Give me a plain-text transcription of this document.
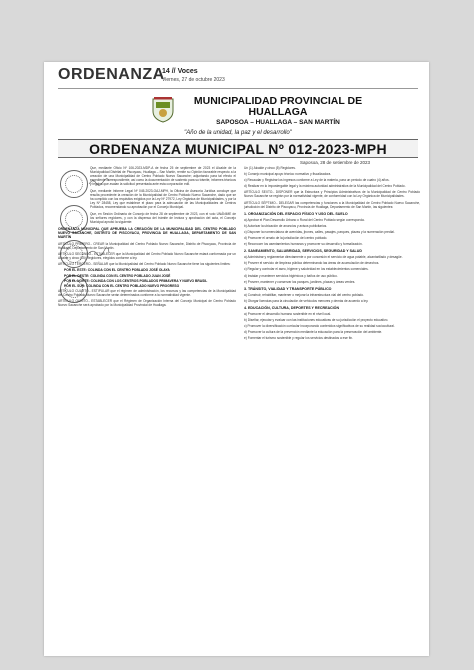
ORDENANZA
14 // Voces
Viernes, 27 de octubre 2023
MUNICIPALIDAD PROVINCIAL DE HUALLAGA
SAPOSOA – HUALLAGA – SAN MARTÍN
"Año de la unidad, la paz y el desarrollo"
ORDENANZA MUNICIPAL Nº 012-2023-MPH
Saposoa, 28 de setiembre de 2023
Que, mediante Oficio Nº 106-2023-MDP-A de fecha 25 de septiembre de 2023 el Alcalde de la Municipalidad Distrital de Piscoyacu, Huallaga – San Martín, remite su Opinión favorable respecto a la creación de una Municipalidad de Centro Poblado Nuevo Sacanche; adjuntando para tal efecto el expediente correspondiente, así como la documentación de sustento para su trámite, informes técnicos y legales que avalan la solicitud presentada ante esta corporación edil.
Que, mediante Informe Legal Nº 045-2023-OAJ-MPH, la Oficina de Asesoría Jurídica concluye que resulta procedente la creación de la Municipalidad de Centro Poblado Nuevo Sacanche, dado que se ha cumplido con los requisitos exigidos por la Ley Nº 27972, Ley Orgánica de Municipalidades, y por la Ley Nº 28458, Ley que establece el plazo para la adecuación de las Municipalidades de Centros Poblados, recomendando su aprobación por el Concejo Municipal.
Que, en Sesión Ordinaria de Concejo de fecha 28 de septiembre de 2023, con el voto UNÁNIME de los señores regidores, y con la dispensa del trámite de lectura y aprobación del acta, el Concejo Municipal aprobó la siguiente:
ORDENANZA MUNICIPAL QUE APRUEBA LA CREACIÓN DE LA MUNICIPALIDAD DEL CENTRO POBLADO NUEVO SACANCHE, DISTRITO DE PISCOYACU, PROVINCIA DE HUALLAGA, DEPARTAMENTO DE SAN MARTÍN
ARTÍCULO PRIMERO.- CREAR la Municipalidad del Centro Poblado Nuevo Sacanche, Distrito de Piscoyacu, Provincia de Huallaga, Departamento de San Martín.
ARTÍCULO SEGUNDO.- ESTABLECER que la Municipalidad del Centro Poblado Nuevo Sacanche estará conformada por un Alcalde y cinco (05) Regidores, elegidos conforme a ley.
ARTÍCULO TERCERO.- SEÑALAR que la Municipalidad del Centro Poblado Nuevo Sacanche tiene los siguientes límites:
POR EL ESTE: COLINDA CON EL CENTRO POBLADO JOSÉ OLAYA
POR EL OESTE: COLINDA CON EL CENTRO POBLADO JUAN JOSÉ
POR EL NORTE: COLINDA CON LOS CENTROS POBLADOS PRIMAVERA Y NUEVO BRASIL
POR EL SUR: COLINDA CON EL CENTRO POBLADO NUEVO PROGRESO
ARTÍCULO CUARTO.- ESTIPULAR que el régimen de administración, los recursos y las competencias de la Municipalidad del Centro Poblado Nuevo Sacanche serán determinados conforme a la normatividad vigente.
ARTÍCULO QUINTO.- ESTABLECER que el Régimen de Organización Interna del Concejo Municipal de Centro Poblado Nuevo Sacanche será aprobado por la Municipalidad Provincial de Huallaga.
Un (1) Alcalde y cinco (5) Regidores.
b) Consejo municipal apoyo técnico normativo y fiscalizadora.
c) Recaudar y Registrar los ingresos conforme a Ley de la materia, para un periodo de cuatro (4) años.
d) Realizar en lo impostergable legal y la máxima autoridad administrativa de la Municipalidad del Centro Poblado.
ARTÍCULO SEXTO.- DISPONER que la Estructura y Principios Administrativos de la Municipalidad de Centro Poblado Nuevo Sacanche se regirán por la normatividad vigente, de conformidad con la Ley Orgánica de Municipalidades.
ARTÍCULO SÉPTIMO.- DELEGAR las competencias y funciones a la Municipalidad de Centro Poblado Nuevo Sacanche, jurisdicción del Distrito de Piscoyacu, Provincia de Huallaga, Departamento de San Martín, las siguientes:
1. ORGANIZACIÓN DEL ESPACIO FÍSICO Y USO DEL SUELO
a) Aprobar el Plan Desarrollo Urbano o Rural del Centro Poblado según corresponda.
b) Autorizar la ubicación de anuncios y avisos publicitarios.
c) Disponer la nomenclatura de avenidas, jirones, calles, pasajes, parques, plazas y la numeración predial.
d) Promover el ornato de la jurisdicción del centro poblado.
e) Reconocer los asentamientos humanos y promover su desarrollo y formalización.
2. SANEAMIENTO, SALUBRIDAD, SERVICIOS, SEGURIDAD Y SALUD
a) Administrar y reglamentar directamente o por concesión el servicio de agua potable, alcantarillado y desagüe.
b) Proveer el servicio de limpieza pública determinando las áreas de acumulación de desechos.
c) Regular y controlar el aseo, higiene y salubridad en los establecimientos comerciales.
d) Instalar y mantener servicios higiénicos y baños de uso público.
e) Proveer, mantener y conservar los parques, jardines, plazas y áreas verdes.
3. TRÁNSITO, VIALIDAD Y TRANSPORTE PÚBLICO
a) Construir, rehabilitar, mantener o mejorar la infraestructura vial del centro poblado.
b) Otorgar licencias para la circulación de vehículos menores y demás de acuerdo a ley.
4. EDUCACIÓN, CULTURA, DEPORTES Y RECREACIÓN
a) Promover el desarrollo humano sostenible en el nivel local.
b) Diseñar, ejecutar y evaluar con las instituciones educativas de su jurisdicción el proyecto educativo.
c) Promover la diversificación curricular incorporando contenidos significativos de su realidad sociocultural.
d) Promover la cultura de la prevención mediante la educación para la preservación del ambiente.
e) Fomentar el turismo sostenible y regular los servicios destinados a ese fin.
